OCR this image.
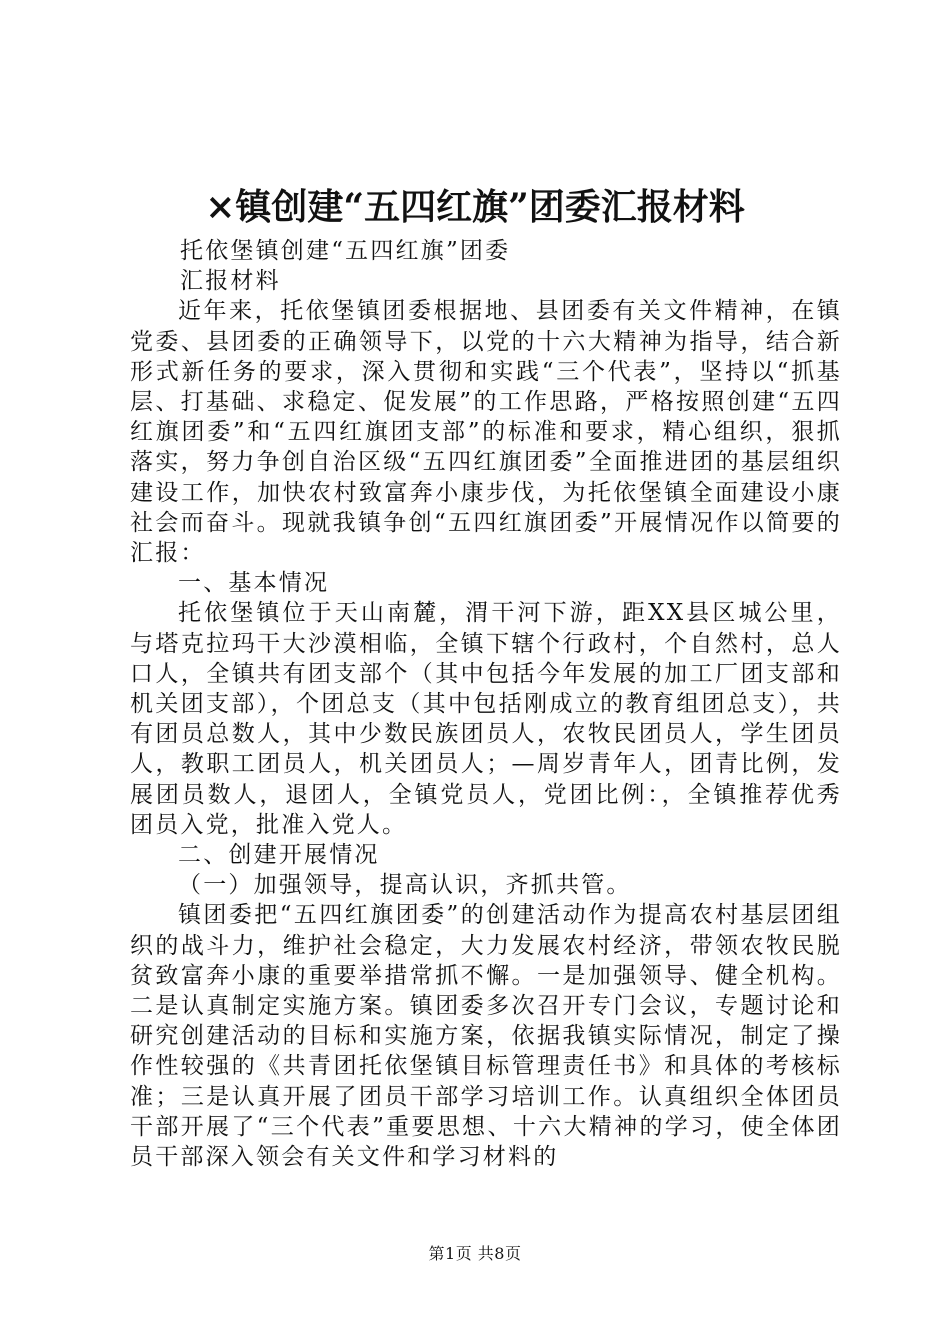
×镇创建“五四红旗”团委汇报材料

托依堡镇创建“五四红旗”团委

汇报材料

近年来，托依堡镇团委根据地、县团委有关文件精神，在镇党委、县团委的正确领导下，以党的十六大精神为指导，结合新形式新任务的要求，深入贯彻和实践“三个代表”，坚持以“抓基层、打基础、求稳定、促发展”的工作思路，严格按照创建“五四红旗团委”和“五四红旗团支部”的标准和要求，精心组织，狠抓落实，努力争创自治区级“五四红旗团委”全面推进团的基层组织建设工作，加快农村致富奔小康步伐，为托依堡镇全面建设小康社会而奋斗。现就我镇争创“五四红旗团委”开展情况作以简要的汇报：

一、基本情况

托依堡镇位于天山南麓，渭干河下游，距XX县区城公里，与塔克拉玛干大沙漠相临，全镇下辖个行政村，个自然村，总人口人，全镇共有团支部个（其中包括今年发展的加工厂团支部和机关团支部），个团总支（其中包括刚成立的教育组团总支），共有团员总数人，其中少数民族团员人，农牧民团员人，学生团员人，教职工团员人，机关团员人；—周岁青年人，团青比例，发展团员数人，退团人，全镇党员人，党团比例：，全镇推荐优秀团员入党，批准入党人。

二、创建开展情况

（一）加强领导，提高认识，齐抓共管。

镇团委把“五四红旗团委”的创建活动作为提高农村基层团组织的战斗力，维护社会稳定，大力发展农村经济，带领农牧民脱贫致富奔小康的重要举措常抓不懈。一是加强领导、健全机构。二是认真制定实施方案。镇团委多次召开专门会议，专题讨论和研究创建活动的目标和实施方案，依据我镇实际情况，制定了操作性较强的《共青团托依堡镇目标管理责任书》和具体的考核标准；三是认真开展了团员干部学习培训工作。认真组织全体团员干部开展了“三个代表”重要思想、十六大精神的学习，使全体团员干部深入领会有关文件和学习材料的

第1页 共8页
